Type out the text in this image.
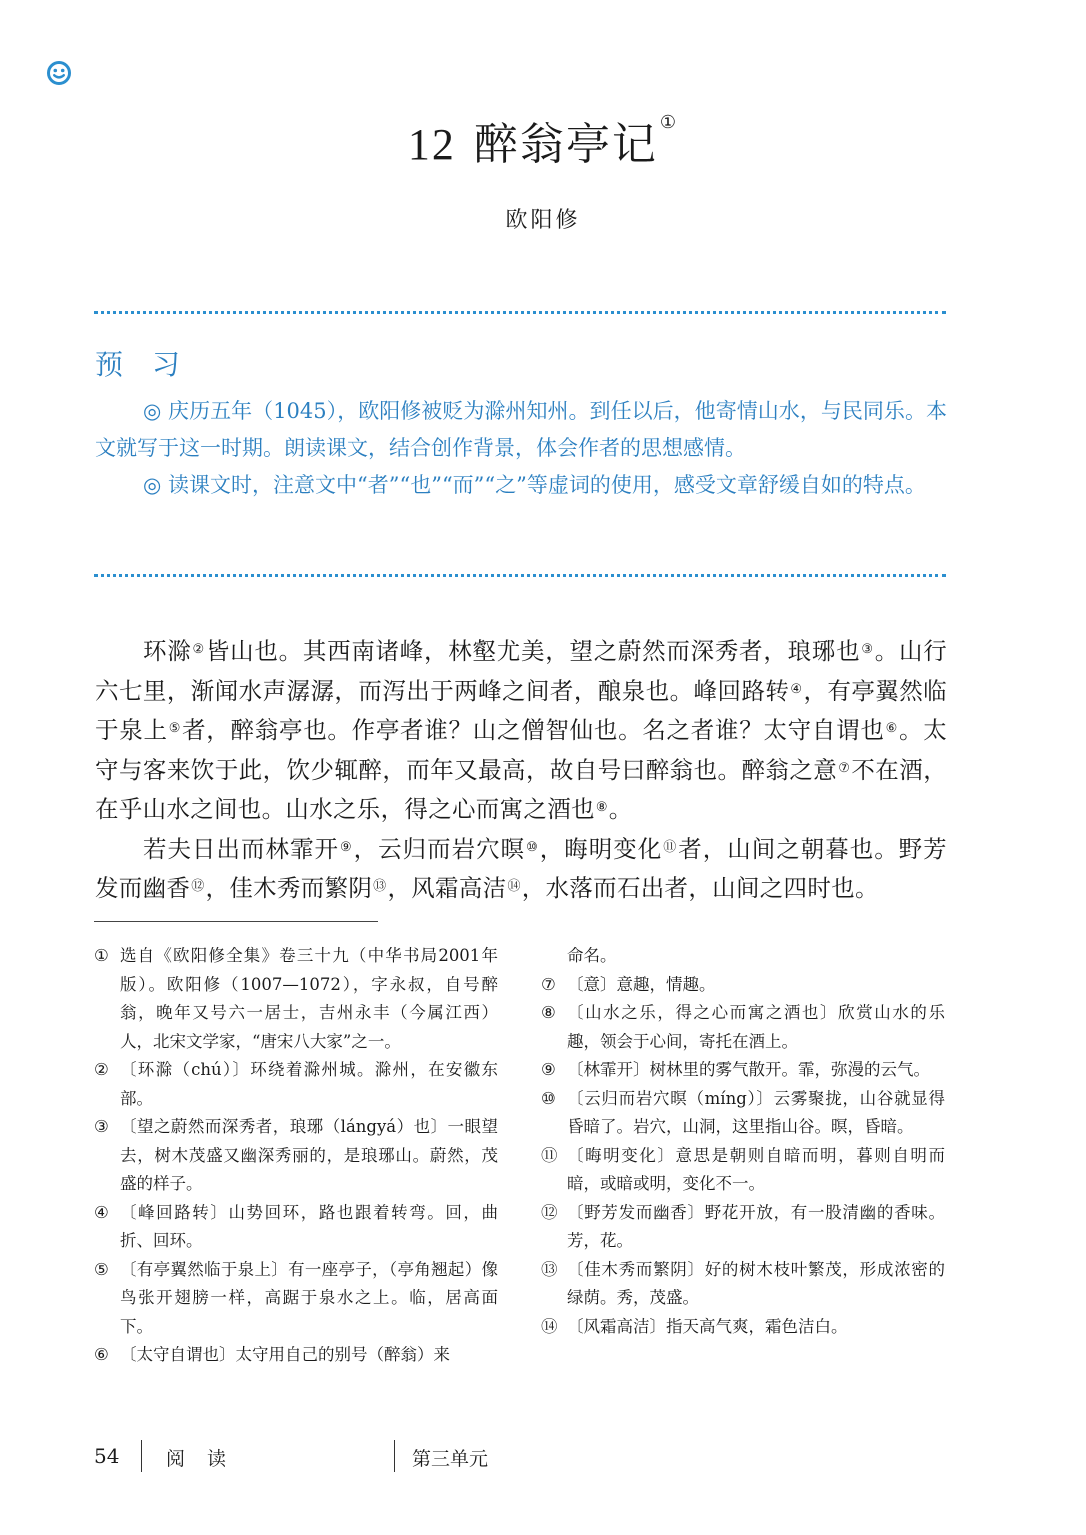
12 醉翁亭记 ①
欧阳修
预 习

◎ 庆历五年（1045），欧阳修被贬为滁州知州。到任以后，他寄情山水，与民同乐。本文就写于这一时期。朗读课文，结合创作背景，体会作者的思想感情。

◎ 读课文时，注意文中“者”“也”“而”“之”等虚词的使用，感受文章舒缓自如的特点。

环滁②皆山也。其西南诸峰，林壑尤美，望之蔚然而深秀者，琅琊也③。山行六七里，渐闻水声潺潺，而泻出于两峰之间者，酿泉也。峰回路转④，有亭翼然临于泉上⑤者，醉翁亭也。作亭者谁？山之僧智仙也。名之者谁？太守自谓也⑥。太守与客来饮于此，饮少辄醉，而年又最高，故自号曰醉翁也。醉翁之意⑦不在酒，在乎山水之间也。山水之乐，得之心而寓之酒也⑧。

若夫日出而林霏开⑨，云归而岩穴暝⑩，晦明变化⑪者，山间之朝暮也。野芳发而幽香⑫，佳木秀而繁阴⑬，风霜高洁⑭，水落而石出者，山间之四时也。

① 选自《欧阳修全集》卷三十九（中华书局2001年版）。欧阳修（1007—1072），字永叔，自号醉翁，晚年又号六一居士，吉州永丰（今属江西）人，北宋文学家，“唐宋八大家”之一。
② 〔环滁（chú）〕环绕着滁州城。滁州，在安徽东部。
③ 〔望之蔚然而深秀者，琅琊（lángyá）也〕一眼望去，树木茂盛又幽深秀丽的，是琅琊山。蔚然，茂盛的样子。
④ 〔峰回路转〕山势回环，路也跟着转弯。回，曲折、回环。
⑤ 〔有亭翼然临于泉上〕有一座亭子，（亭角翘起）像鸟张开翅膀一样，高踞于泉水之上。临，居高面下。
⑥ 〔太守自谓也〕太守用自己的别号（醉翁）来
命名。
⑦ 〔意〕意趣，情趣。
⑧ 〔山水之乐，得之心而寓之酒也〕欣赏山水的乐趣，领会于心间，寄托在酒上。
⑨ 〔林霏开〕树林里的雾气散开。霏，弥漫的云气。
⑩ 〔云归而岩穴暝（míng）〕云雾聚拢，山谷就显得昏暗了。岩穴，山洞，这里指山谷。暝，昏暗。
⑪ 〔晦明变化〕意思是朝则自暗而明，暮则自明而暗，或暗或明，变化不一。
⑫ 〔野芳发而幽香〕野花开放，有一股清幽的香味。芳，花。
⑬ 〔佳木秀而繁阴〕好的树木枝叶繁茂，形成浓密的绿荫。秀，茂盛。
⑭ 〔风霜高洁〕指天高气爽，霜色洁白。
54 阅 读	第三单元
